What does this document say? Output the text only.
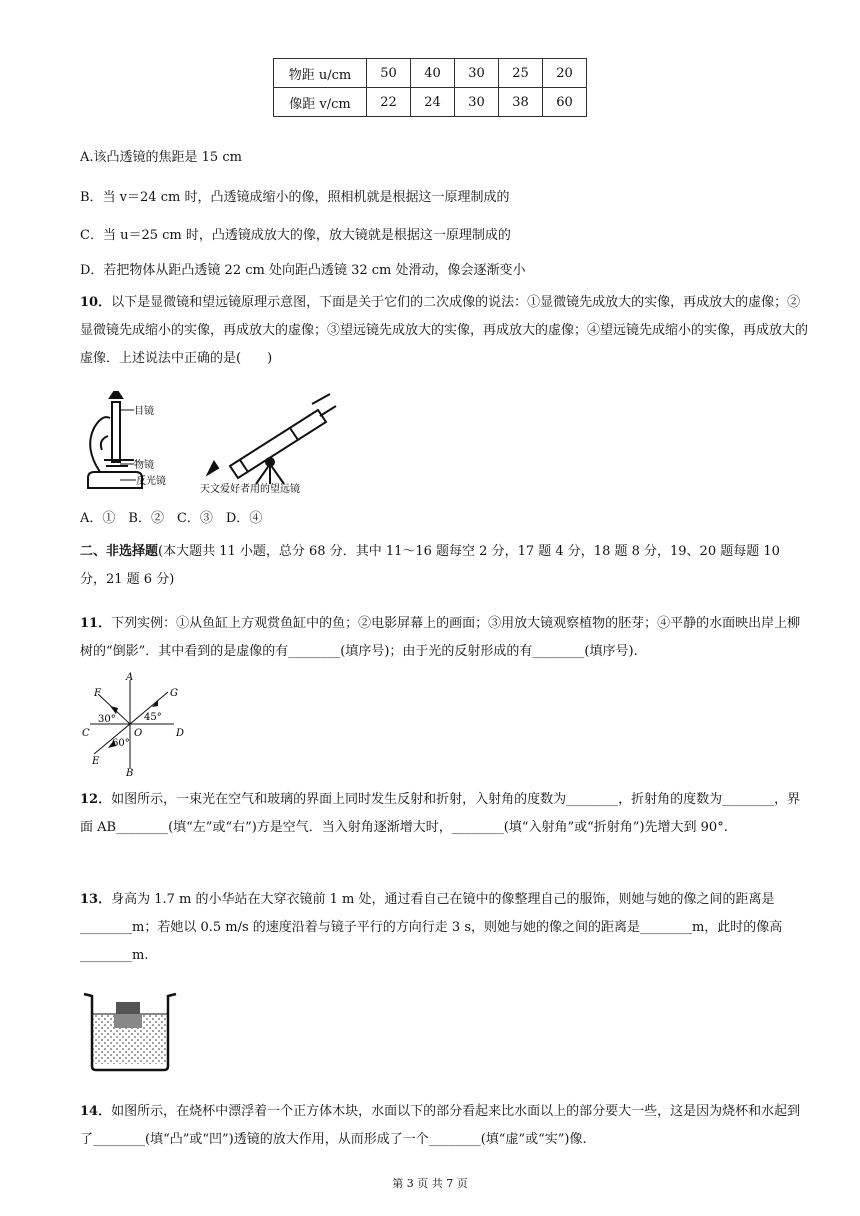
物距 u/cm	50	40	30	25	20
像距 v/cm	22	24	30	38	60
A.该凸透镜的焦距是 15 cm
B．当 v＝24 cm 时，凸透镜成缩小的像，照相机就是根据这一原理制成的
C．当 u＝25 cm 时，凸透镜成放大的像，放大镜就是根据这一原理制成的
D．若把物体从距凸透镜 22 cm 处向距凸透镜 32 cm 处滑动，像会逐渐变小
10．以下是显微镜和望远镜原理示意图，下面是关于它们的二次成像的说法：①显微镜先成放大的实像，再成放大的虚像；②显微镜先成缩小的实像，再成放大的虚像；③望远镜先成放大的实像，再成放大的虚像；④望远镜先成缩小的实像，再成放大的虚像．上述说法中正确的是(　　)
目镜
物镜
反光镜
天文爱好者用的望远镜
A．①　B．②　C．③　D．④
二、非选择题(本大题共 11 小题，总分 68 分．其中 11～16 题每空 2 分，17 题 4 分，18 题 8 分，19、20 题每题 10 分，21 题 6 分)
11．下列实例：①从鱼缸上方观赏鱼缸中的鱼；②电影屏幕上的画面；③用放大镜观察植物的胚芽；④平静的水面映出岸上柳树的“倒影”．其中看到的是虚像的有________(填序号)；由于光的反射形成的有________(填序号).
A
B
C	D
E
F	G
O
30°	45°
60°
12．如图所示，一束光在空气和玻璃的界面上同时发生反射和折射，入射角的度数为________，折射角的度数为________，界面 AB________(填“左”或“右”)方是空气．当入射角逐渐增大时，________(填“入射角”或“折射角”)先增大到 90°.
13．身高为 1.7 m 的小华站在大穿衣镜前 1 m 处，通过看自己在镜中的像整理自己的服饰，则她与她的像之间的距离是________m；若她以 0.5 m/s 的速度沿着与镜子平行的方向行走 3 s，则她与她的像之间的距离是________m，此时的像高________m.
14．如图所示，在烧杯中漂浮着一个正方体木块，水面以下的部分看起来比水面以上的部分要大一些，这是因为烧杯和水起到了________(填“凸”或“凹”)透镜的放大作用，从而形成了一个________(填“虚”或“实”)像.
第 3 页 共 7 页
